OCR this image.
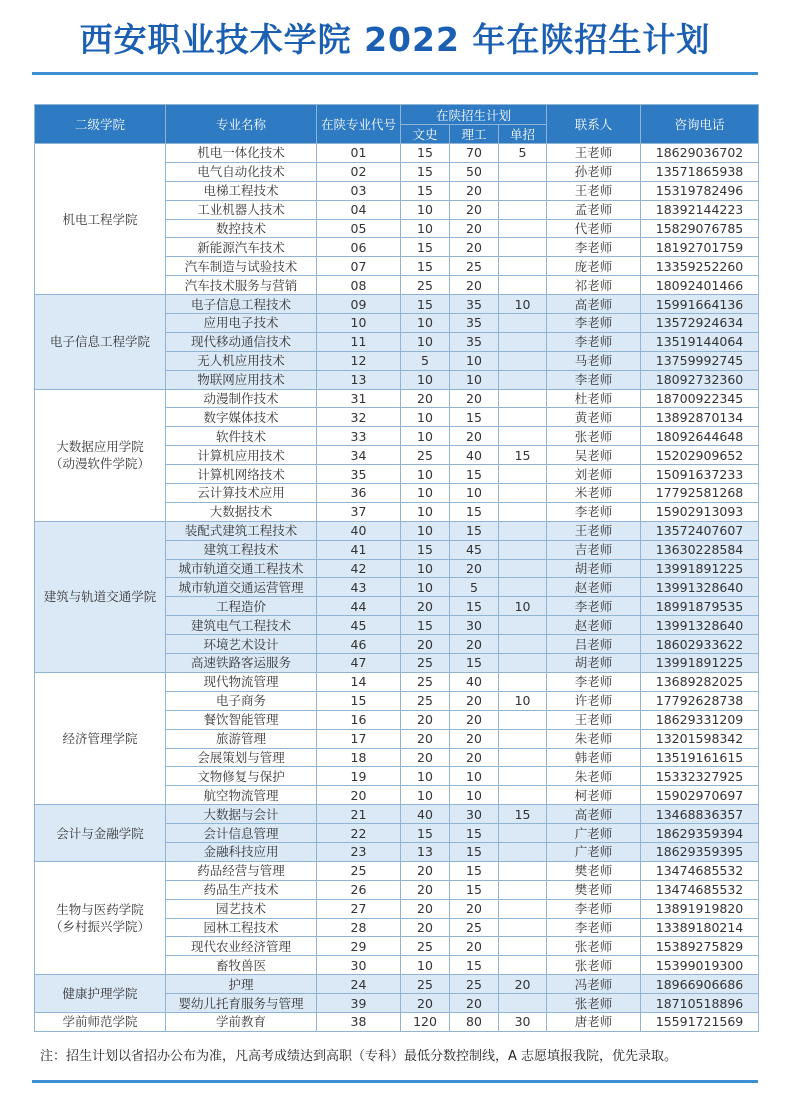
西安职业技术学院 2022 年在陕招生计划
二级学院	专业名称	在陕专业代号	在陕招生计划			联系人	咨询电话
			文史	理工	单招		
机电工程学院	机电一体化技术	01	15	70	5	王老师	18629036702
	电气自动化技术	02	15	50		孙老师	13571865938
	电梯工程技术	03	15	20		王老师	15319782496
	工业机器人技术	04	10	20		孟老师	18392144223
	数控技术	05	10	20		代老师	15829076785
	新能源汽车技术	06	15	20		李老师	18192701759
	汽车制造与试验技术	07	15	25		庞老师	13359252260
	汽车技术服务与营销	08	25	20		祁老师	18092401466
电子信息工程学院	电子信息工程技术	09	15	35	10	高老师	15991664136
	应用电子技术	10	10	35		李老师	13572924634
	现代移动通信技术	11	10	35		李老师	13519144064
	无人机应用技术	12	5	10		马老师	13759992745
	物联网应用技术	13	10	10		李老师	18092732360
大数据应用学院
（动漫软件学院）	动漫制作技术	31	20	20		杜老师	18700922345
	数字媒体技术	32	10	15		黄老师	13892870134
	软件技术	33	10	20		张老师	18092644648
	计算机应用技术	34	25	40	15	吴老师	15202909652
	计算机网络技术	35	10	15		刘老师	15091637233
	云计算技术应用	36	10	10		米老师	17792581268
	大数据技术	37	10	15		李老师	15902913093
建筑与轨道交通学院	装配式建筑工程技术	40	10	15		王老师	13572407607
	建筑工程技术	41	15	45		吉老师	13630228584
	城市轨道交通工程技术	42	10	20		胡老师	13991891225
	城市轨道交通运营管理	43	10	5		赵老师	13991328640
	工程造价	44	20	15	10	李老师	18991879535
	建筑电气工程技术	45	15	30		赵老师	13991328640
	环境艺术设计	46	20	20		吕老师	18602933622
	高速铁路客运服务	47	25	15		胡老师	13991891225
经济管理学院	现代物流管理	14	25	40		李老师	13689282025
	电子商务	15	25	20	10	许老师	17792628738
	餐饮智能管理	16	20	20		王老师	18629331209
	旅游管理	17	20	20		朱老师	13201598342
	会展策划与管理	18	20	20		韩老师	13519161615
	文物修复与保护	19	10	10		朱老师	15332327925
	航空物流管理	20	10	10		柯老师	15902970697
会计与金融学院	大数据与会计	21	40	30	15	高老师	13468836357
	会计信息管理	22	15	15		广老师	18629359394
	金融科技应用	23	13	15		广老师	18629359395
生物与医药学院
（乡村振兴学院）	药品经营与管理	25	20	15		樊老师	13474685532
	药品生产技术	26	20	15		樊老师	13474685532
	园艺技术	27	20	20		李老师	13891919820
	园林工程技术	28	20	25		李老师	13389180214
	现代农业经济管理	29	25	20		张老师	15389275829
	畜牧兽医	30	10	15		张老师	15399019300
健康护理学院	护理	24	25	25	20	冯老师	18966906686
	婴幼儿托育服务与管理	39	20	20		张老师	18710518896
学前师范学院	学前教育	38	120	80	30	唐老师	15591721569
注：招生计划以省招办公布为准，凡高考成绩达到高职（专科）最低分数控制线，A 志愿填报我院，优先录取。
